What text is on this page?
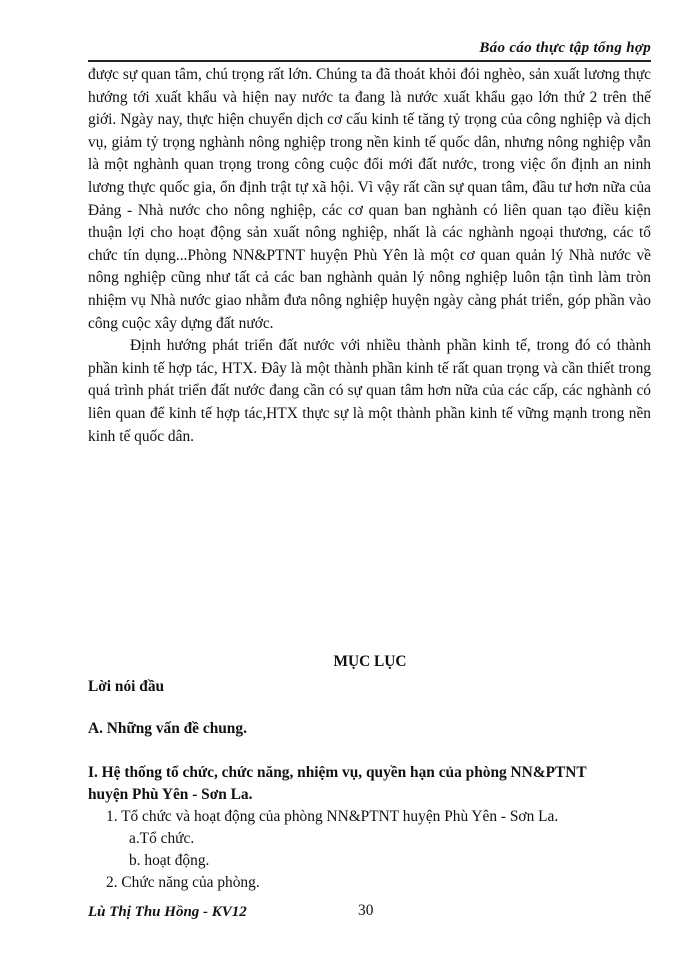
Báo cáo thực tập tổng hợp

được sự quan tâm, chú trọng rất lớn. Chúng ta đã thoát khỏi đói nghèo, sản xuất lương thực hướng tới xuất khẩu và hiện nay nước ta đang là nước xuất khẩu gạo lớn thứ 2 trên thế giới. Ngày nay, thực hiện chuyển dịch cơ cấu kinh tế tăng tỷ trọng của công nghiệp và dịch vụ, giảm tỷ trọng nghành nông nghiệp trong nền kinh tế quốc dân, nhưng nông nghiệp vẫn là một nghành quan trọng trong công cuộc đổi mới đất nước, trong việc ổn định an ninh lương thực quốc gia, ổn định trật tự xã hội. Vì vậy rất cần sự quan tâm, đầu tư hơn nữa của Đảng - Nhà nước cho nông nghiệp, các cơ quan ban nghành có liên quan tạo điều kiện thuận lợi cho hoạt động sản xuất nông nghiệp, nhất là các nghành ngoại thương, các tổ chức tín dụng...Phòng NN&PTNT huyện Phù Yên là một cơ quan quản lý Nhà nước về nông nghiệp cũng như tất cả các ban nghành quản lý nông nghiệp luôn tận tình làm tròn nhiệm vụ Nhà nước giao nhằm đưa nông nghiệp huyện ngày càng phát triển, góp phần vào công cuộc xây dựng đất nước.

Định hướng phát triển đất nước với nhiều thành phần kinh tế, trong đó có thành phần kinh tế hợp tác, HTX. Đây là một thành phần kinh tế rất quan trọng và cần thiết trong quá trình phát triển đất nước đang cần có sự quan tâm hơn nữa của các cấp, các nghành có liên quan để kinh tế hợp tác,HTX thực sự là một thành phần kinh tế vững mạnh trong nền kinh tế quốc dân.

MỤC LỤC
Lời nói đầu
A. Những vấn đề chung.
I. Hệ thống tổ chức, chức năng, nhiệm vụ, quyền hạn của phòng NN&PTNT
huyện Phù Yên - Sơn La.
1. Tổ chức và hoạt động của phòng NN&PTNT huyện Phù Yên - Sơn La.
a.Tổ chức.
b. hoạt động.
2. Chức năng của phòng.
Lù Thị Thu Hồng - KV12	30
